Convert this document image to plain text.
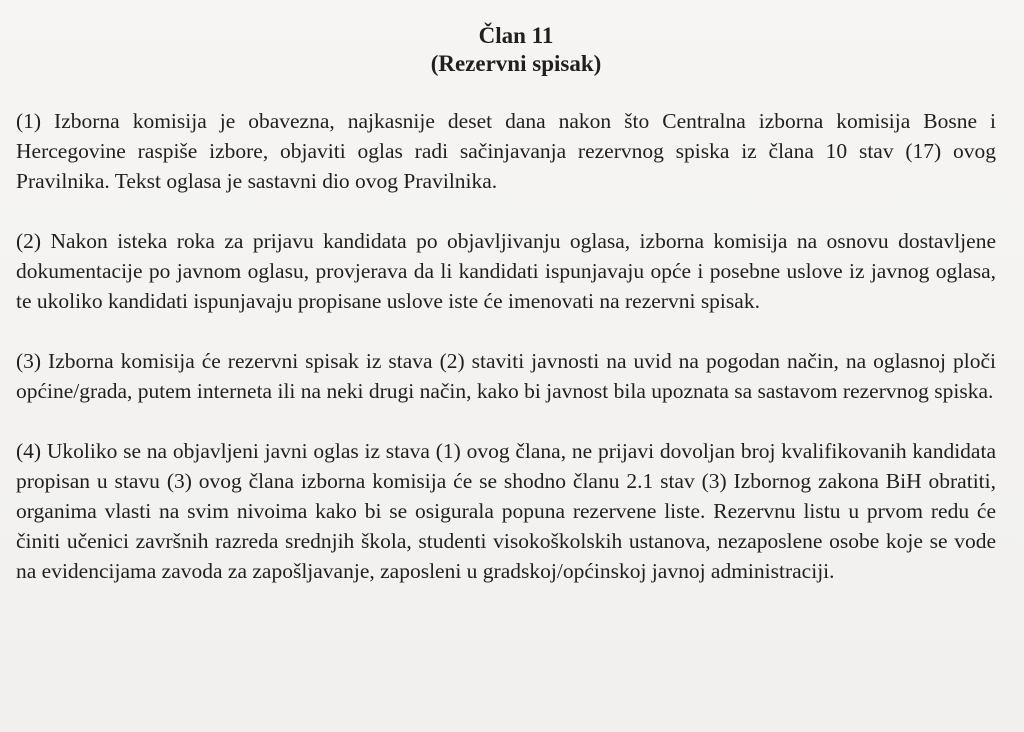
Član 11

(Rezervni spisak)

(1) Izborna komisija je obavezna, najkasnije deset dana nakon što Centralna izborna komisija Bosne i Hercegovine raspiše izbore, objaviti oglas radi sačinjavanja rezervnog spiska iz člana 10 stav (17) ovog Pravilnika. Tekst oglasa je sastavni dio ovog Pravilnika.

(2) Nakon isteka roka za prijavu kandidata po objavljivanju oglasa, izborna komisija na osnovu dostavljene dokumentacije po javnom oglasu, provjerava da li kandidati ispunjavaju opće i posebne uslove iz javnog oglasa, te ukoliko kandidati ispunjavaju propisane uslove iste će imenovati na rezervni spisak.

(3) Izborna komisija će rezervni spisak iz stava (2) staviti javnosti na uvid na pogodan način, na oglasnoj ploči općine/grada, putem interneta ili na neki drugi način, kako bi javnost bila upoznata sa sastavom rezervnog spiska.

(4) Ukoliko se na objavljeni javni oglas iz stava (1) ovog člana, ne prijavi dovoljan broj kvalifikovanih kandidata propisan u stavu (3) ovog člana izborna komisija će se shodno članu 2.1 stav (3) Izbornog zakona BiH obratiti, organima vlasti na svim nivoima kako bi se osigurala popuna rezervene liste. Rezervnu listu u prvom redu će činiti učenici završnih razreda srednjih škola, studenti visokoškolskih ustanova, nezaposlene osobe koje se vode na evidencijama zavoda za zapošljavanje, zaposleni u gradskoj/općinskoj javnoj administraciji.
